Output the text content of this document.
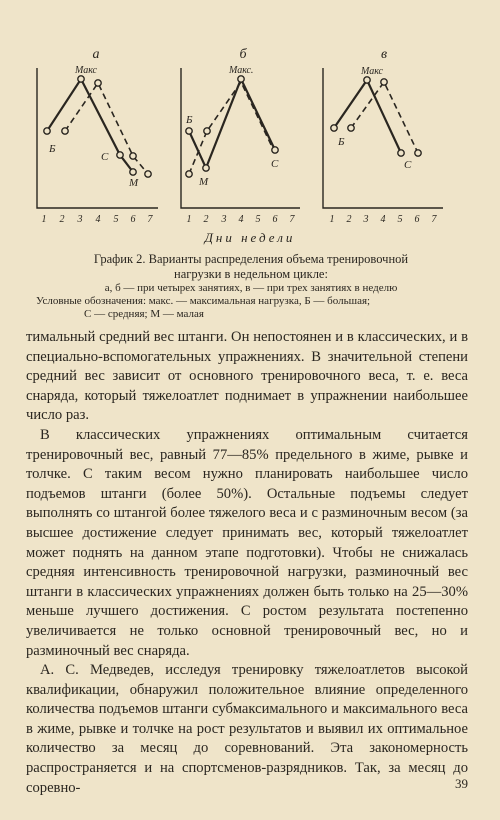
а
Б
Макс
С
М
1 2 3 4 5 6 7
б
Б
М
Макс.
С
1 2 3 4 5 6 7
в
Б
Макс
С
1 2 3 4 5 6 7
Дни недели
График 2. Варианты распределения объема тренировочной
нагрузки в недельном цикле:
а, б — при четырех занятиях, в — при трех занятиях в неделю
Условные обозначения: макс. — максимальная нагрузка, Б — большая;
С — средняя; М — малая

тимальный средний вес штанги. Он непостоянен и в классических, и в специально-вспомогательных упражнениях. В значительной степени средний вес зависит от основного тренировочного веса, т. е. веса снаряда, который тяжелоатлет поднимает в упражнении наибольшее число раз.

В классических упражнениях оптимальным считается тренировочный вес, равный 77—85% предельного в жиме, рывке и толчке. С таким весом нужно планировать наибольшее число подъемов штанги (более 50%). Остальные подъемы следует выполнять со штангой более тяжелого веса и с разминочным весом (за высшее достижение следует принимать вес, который тяжелоатлет может поднять на данном этапе подготовки). Чтобы не снижалась средняя интенсивность тренировочной нагрузки, разминочный вес штанги в классических упражнениях должен быть только на 25—30% меньше лучшего достижения. С ростом результата постепенно увеличивается не только основной тренировочный вес, но и разминочный вес снаряда.

А. С. Медведев, исследуя тренировку тяжелоатлетов высокой квалификации, обнаружил положительное влияние определенного количества подъемов штанги субмаксимального и максимального веса в жиме, рывке и толчке на рост результатов и выявил их оптимальное количество за месяц до соревнований. Эта закономерность распространяется и на спортсменов-разрядников. Так, за месяц до соревно-	39
